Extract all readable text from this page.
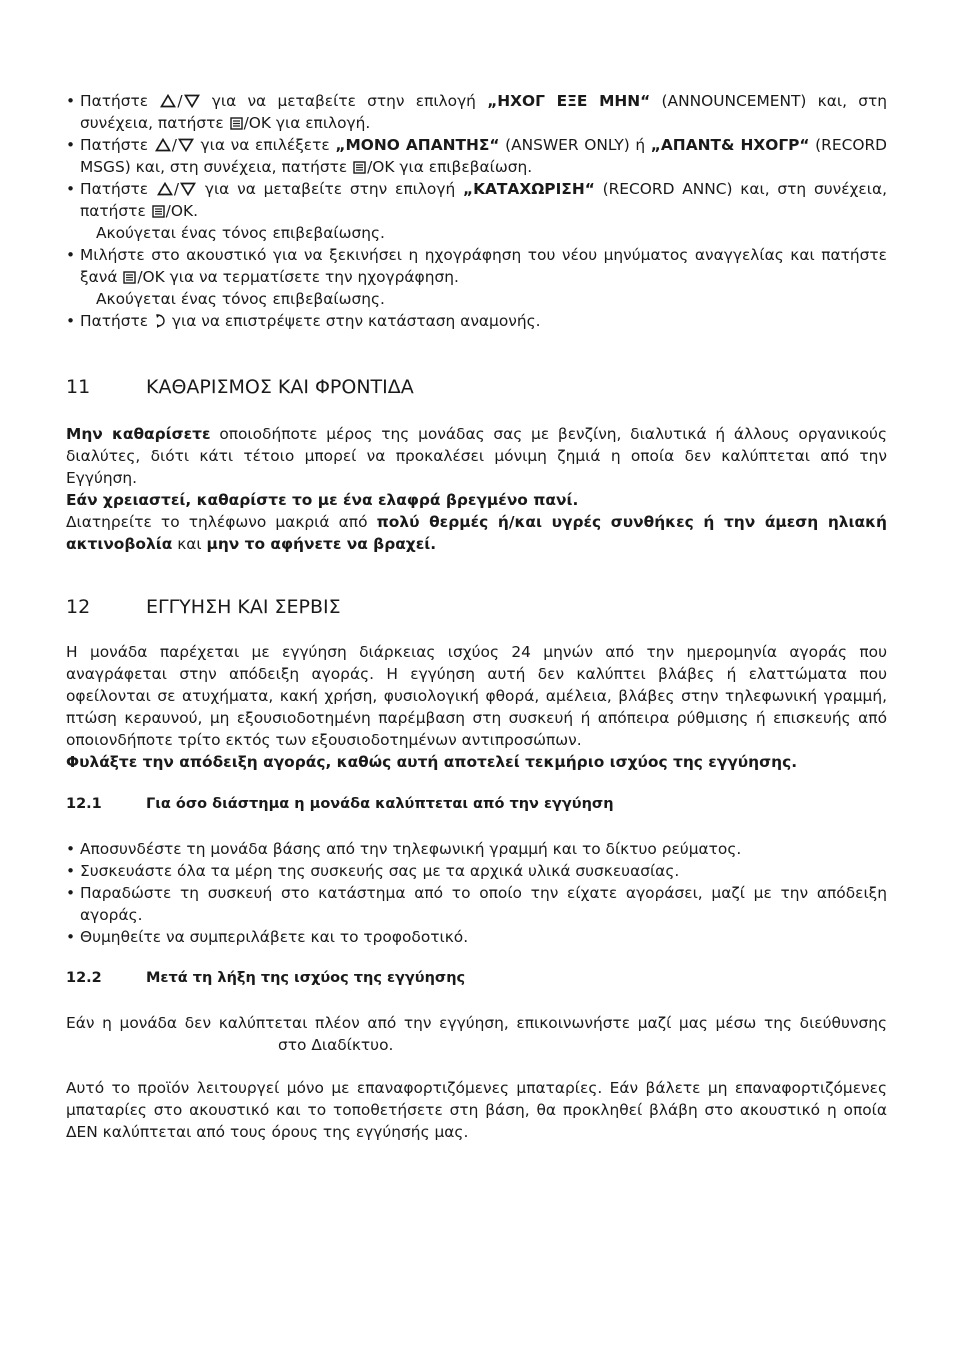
• Πατήστε / για να μεταβείτε στην επιλογή „ΗΧΟΓ ΕΞΕ ΜΗΝ“ (ANNOUNCEMENT) και, στη συνέχεια, πατήστε /OK για επιλογή.
• Πατήστε / για να επιλέξετε „ΜΟΝΟ ΑΠΑΝΤΗΣ“ (ANSWER ONLY) ή „ΑΠΑΝΤ& ΗΧΟΓΡ“ (RECORD MSGS) και, στη συνέχεια, πατήστε /OK για επιβεβαίωση.
• Πατήστε / για να μεταβείτε στην επιλογή „ΚΑΤΑΧΩΡΙΣΗ“ (RECORD ANNC) και, στη συνέχεια, πατήστε /OK.
Ακούγεται ένας τόνος επιβεβαίωσης.
• Μιλήστε στο ακουστικό για να ξεκινήσει η ηχογράφηση του νέου μηνύματος αναγγελίας και πατήστε ξανά /OK για να τερματίσετε την ηχογράφηση.
Ακούγεται ένας τόνος επιβεβαίωσης.
• Πατήστε  για να επιστρέψετε στην κατάσταση αναμονής.
11	ΚΑΘΑΡΙΣΜΟΣ ΚΑΙ ΦΡΟΝΤΙΔΑ
Μην καθαρίσετε οποιοδήποτε μέρος της μονάδας σας με βενζίνη, διαλυτικά ή άλλους οργανικούς διαλύτες, διότι κάτι τέτοιο μπορεί να προκαλέσει μόνιμη ζημιά η οποία δεν καλύπτεται από την Εγγύηση.
Εάν χρειαστεί, καθαρίστε το με ένα ελαφρά βρεγμένο πανί.
Διατηρείτε το τηλέφωνο μακριά από πολύ θερμές ή/και υγρές συνθήκες ή την άμεση ηλιακή ακτινοβολία και μην το αφήνετε να βραχεί.
12	ΕΓΓΥΗΣΗ ΚΑΙ ΣΕΡΒΙΣ
Η μονάδα παρέχεται με εγγύηση διάρκειας ισχύος 24 μηνών από την ημερομηνία αγοράς που αναγράφεται στην απόδειξη αγοράς. Η εγγύηση αυτή δεν καλύπτει βλάβες ή ελαττώματα που οφείλονται σε ατυχήματα, κακή χρήση, φυσιολογική φθορά, αμέλεια, βλάβες στην τηλεφωνική γραμμή, πτώση κεραυνού, μη εξουσιοδοτημένη παρέμβαση στη συσκευή ή απόπειρα ρύθμισης ή επισκευής από οποιονδήποτε τρίτο εκτός των εξουσιοδοτημένων αντιπροσώπων.
Φυλάξτε την απόδειξη αγοράς, καθώς αυτή αποτελεί τεκμήριο ισχύος της εγγύησης.
12.1	Για όσο διάστημα η μονάδα καλύπτεται από την εγγύηση
• Αποσυνδέστε τη μονάδα βάσης από την τηλεφωνική γραμμή και το δίκτυο ρεύματος.
• Συσκευάστε όλα τα μέρη της συσκευής σας με τα αρχικά υλικά συσκευασίας.
• Παραδώστε τη συσκευή στο κατάστημα από το οποίο την είχατε αγοράσει, μαζί με την απόδειξη αγοράς.
• Θυμηθείτε να συμπεριλάβετε και το τροφοδοτικό.
12.2	Μετά τη λήξη της ισχύος της εγγύησης
Εάν η μονάδα δεν καλύπτεται πλέον από την εγγύηση, επικοινωνήστε μαζί μας μέσω της διεύθυνσης στο Διαδίκτυο.
Αυτό το προϊόν λειτουργεί μόνο με επαναφορτιζόμενες μπαταρίες. Εάν βάλετε μη επαναφορτιζόμενες μπαταρίες στο ακουστικό και το τοποθετήσετε στη βάση, θα προκληθεί βλάβη στο ακουστικό η οποία ΔΕΝ καλύπτεται από τους όρους της εγγύησής μας.
